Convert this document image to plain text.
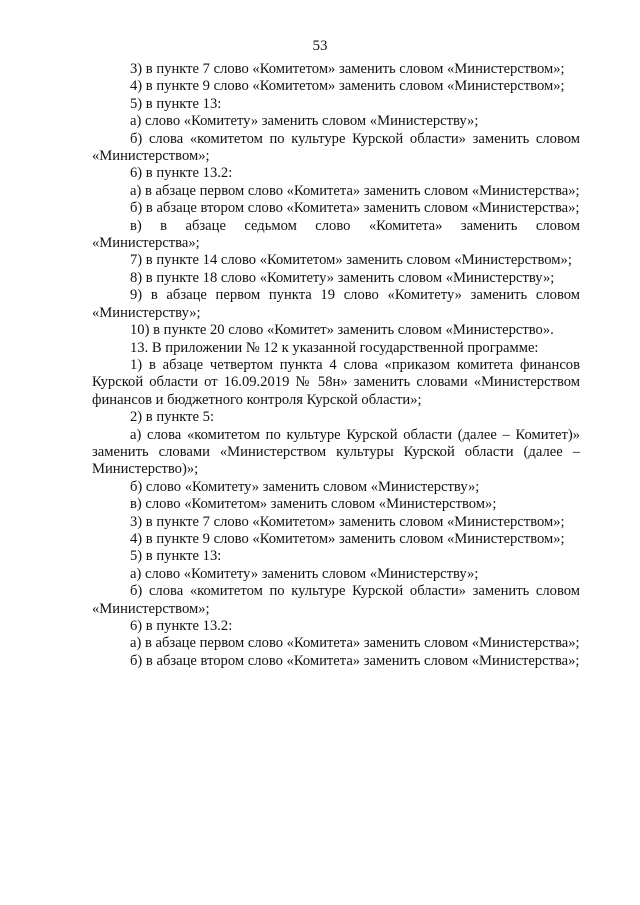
53

3) в пункте 7 слово «Комитетом» заменить словом «Министерством»;

4) в пункте 9 слово «Комитетом» заменить словом «Министерством»;

5) в пункте 13:

а) слово «Комитету» заменить словом «Министерству»;

б) слова «комитетом по культуре Курской области» заменить словом «Министерством»;

6) в пункте 13.2:

а) в абзаце первом слово «Комитета» заменить словом «Министерства»;

б) в абзаце втором слово «Комитета» заменить словом «Министерства»;

в) в абзаце седьмом слово «Комитета» заменить словом «Министерства»;

7) в пункте 14 слово «Комитетом» заменить словом «Министерством»;

8) в пункте 18 слово «Комитету» заменить словом «Министерству»;

9) в абзаце первом пункта 19 слово «Комитету» заменить словом «Министерству»;

10) в пункте 20 слово «Комитет» заменить словом «Министерство».

13. В приложении № 12 к указанной государственной программе:

1) в абзаце четвертом пункта 4 слова «приказом комитета финансов Курской области от 16.09.2019 № 58н» заменить словами «Министерством финансов и бюджетного контроля Курской области»;

2) в пункте 5:

а) слова «комитетом по культуре Курской области (далее – Комитет)» заменить словами «Министерством культуры Курской области (далее – Министерство)»;

б) слово «Комитету» заменить словом «Министерству»;

в) слово «Комитетом» заменить словом «Министерством»;

3) в пункте 7 слово «Комитетом» заменить словом «Министерством»;

4) в пункте 9 слово «Комитетом» заменить словом «Министерством»;

5) в пункте 13:

а) слово «Комитету» заменить словом «Министерству»;

б) слова «комитетом по культуре Курской области» заменить словом «Министерством»;

6) в пункте 13.2:

а) в абзаце первом слово «Комитета» заменить словом «Министерства»;

б) в абзаце втором слово «Комитета» заменить словом «Министерства»;
